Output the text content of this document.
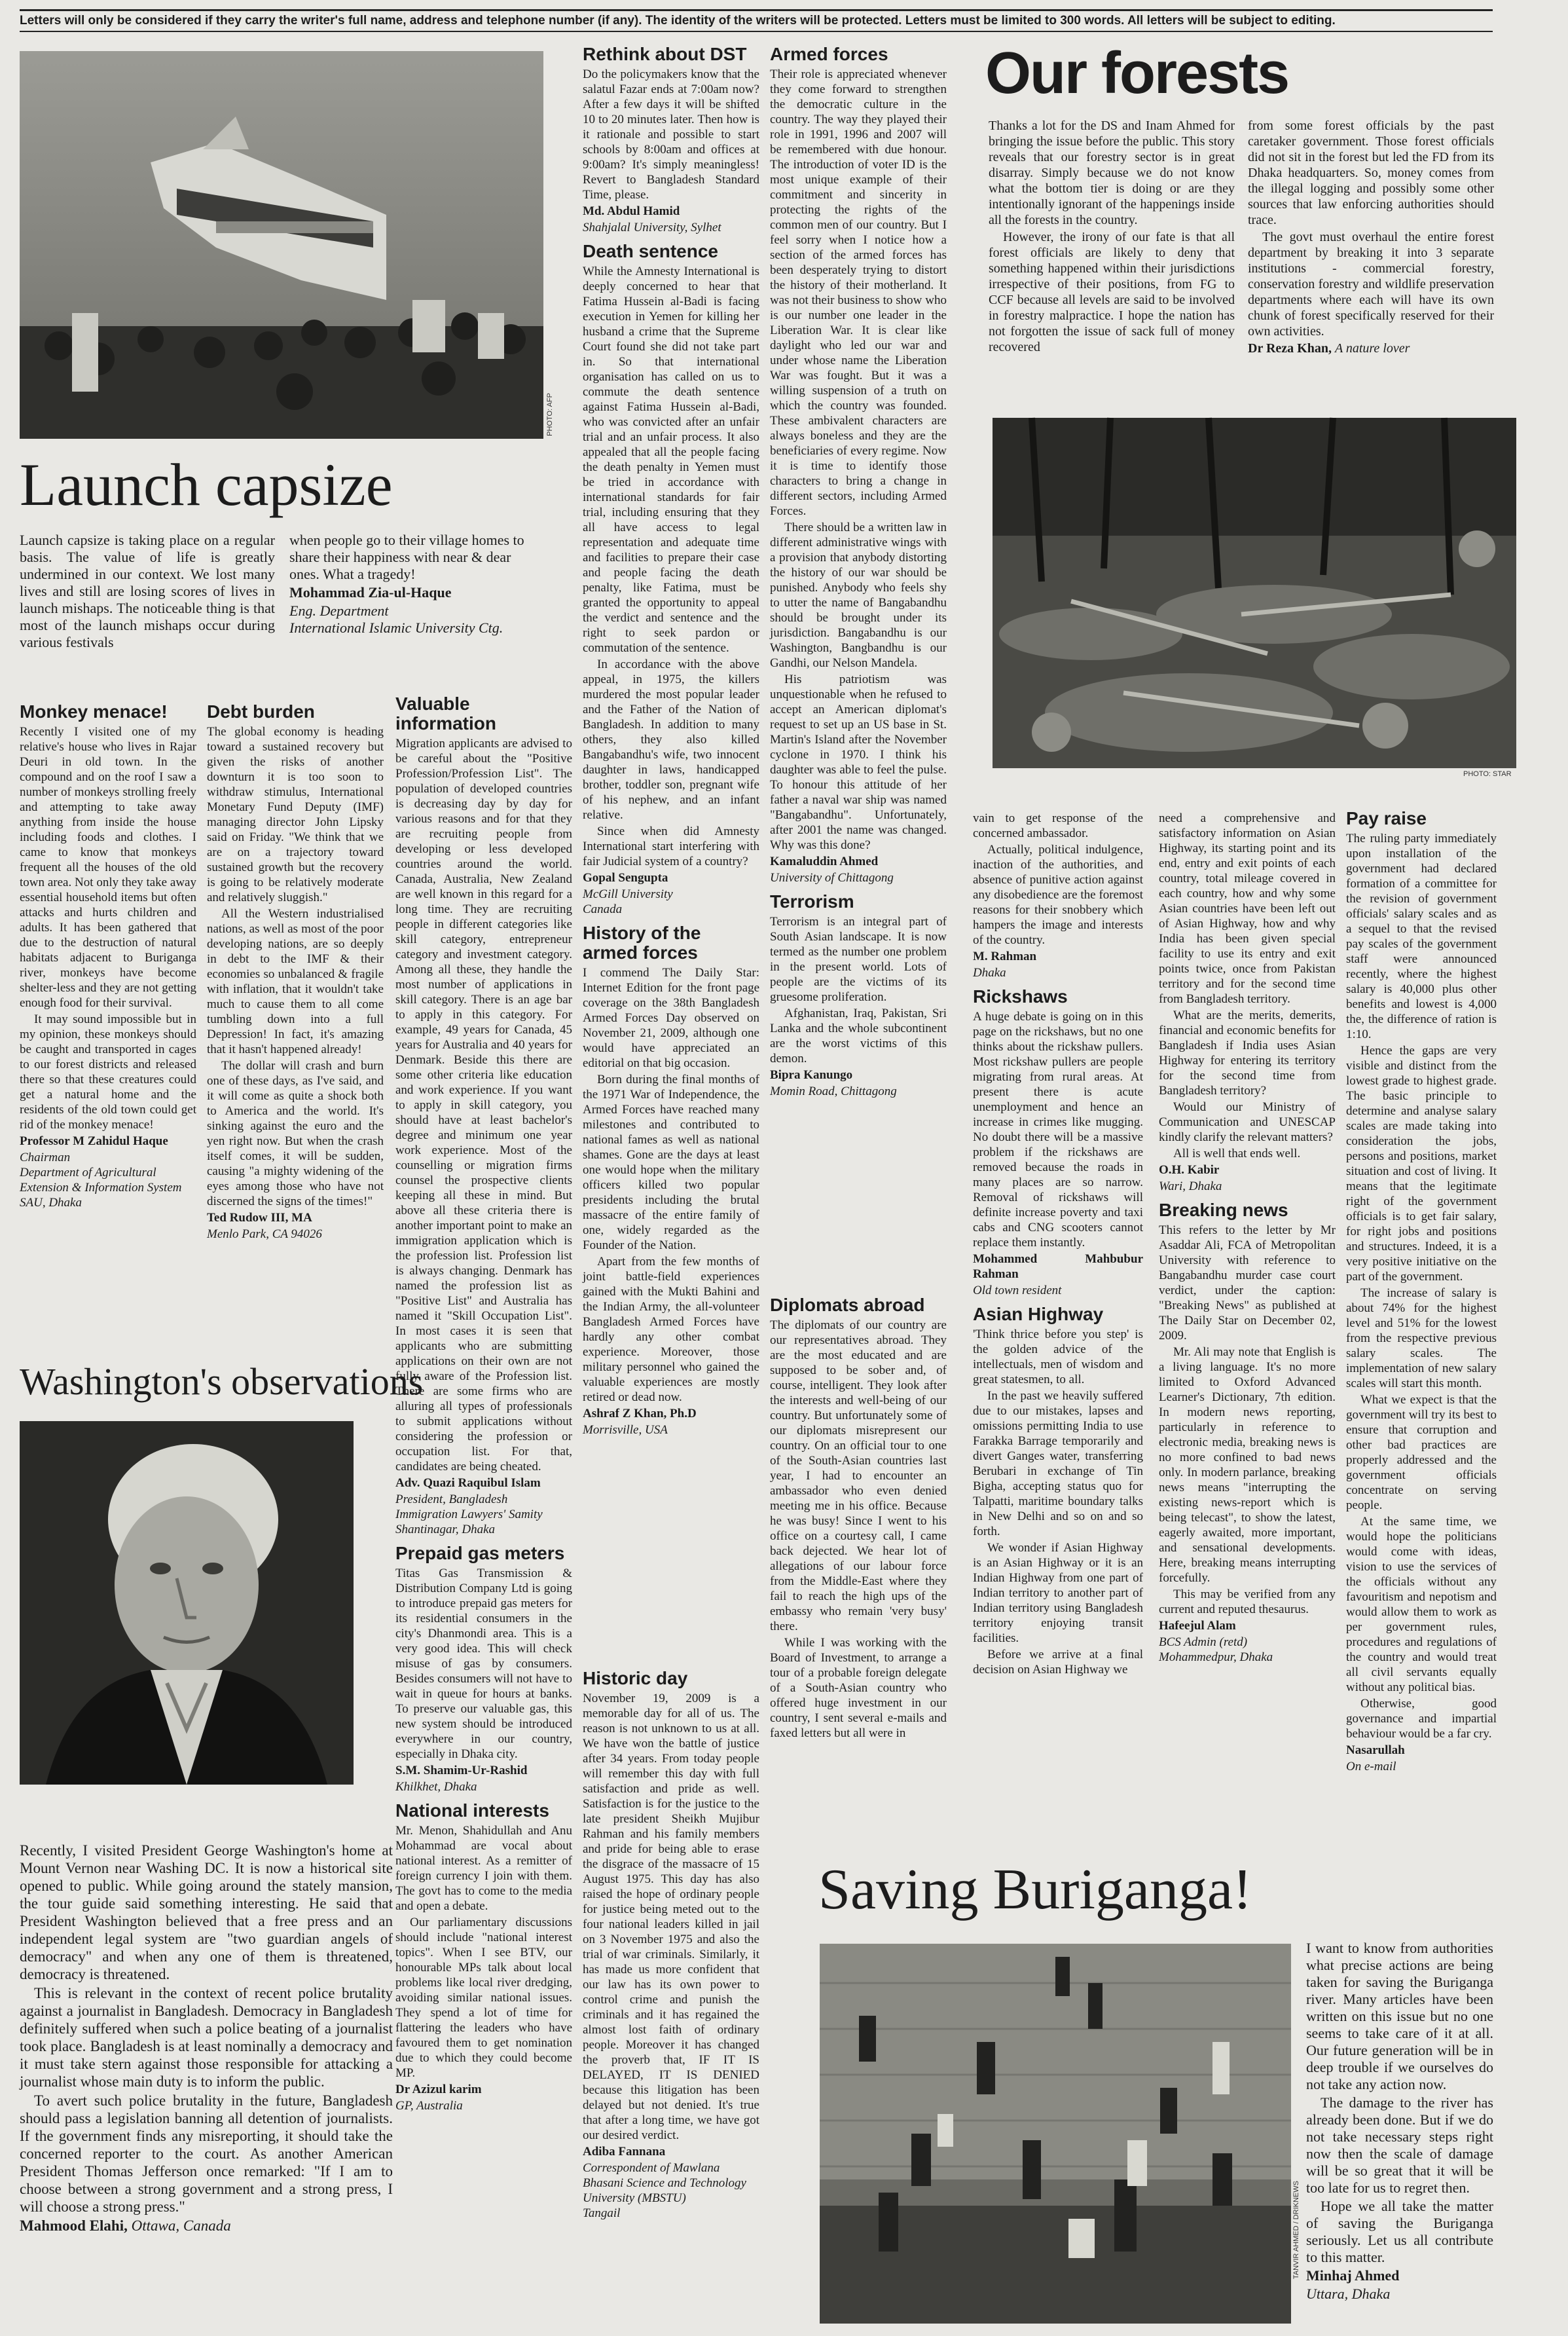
Letters will only be considered if they carry the writer's full name, address and telephone number (if any). The identity of the writers will be protected. Letters must be limited to 300 words. All letters will be subject to editing.
PHOTO: AFP
Launch capsize

Launch capsize is taking place on a regular basis. The value of life is greatly undermined in our context. We lost many lives and still are losing scores of lives in launch mishaps. The noticeable thing is that most of the launch mishaps occur during various festivals

when people go to their village homes to share their happiness with near & dear ones. What a tragedy!

Mohammad Zia-ul-Haque

Eng. Department

International Islamic University Ctg.

Monkey menace!

Recently I visited one of my relative's house who lives in Rajar Deuri in old town. In the compound and on the roof I saw a number of monkeys strolling freely and attempting to take away anything from inside the house including foods and clothes. I came to know that monkeys frequent all the houses of the old town area. Not only they take away essential household items but often attacks and hurts children and adults. It has been gathered that due to the destruction of natural habitats adjacent to Buriganga river, monkeys have become shelter-less and they are not getting enough food for their survival.

It may sound impossible but in my opinion, these monkeys should be caught and transported in cages to our forest districts and released there so that these creatures could get a natural home and the residents of the old town could get rid of the monkey menace!

Professor M Zahidul Haque

Chairman

Department of Agricultural Extension & Information System

SAU, Dhaka

Debt burden

The global economy is heading toward a sustained recovery but given the risks of another downturn it is too soon to withdraw stimulus, International Monetary Fund Deputy (IMF) managing director John Lipsky said on Friday. "We think that we are on a trajectory toward sustained growth but the recovery is going to be relatively moderate and relatively sluggish."

All the Western industrialised nations, as well as most of the poor developing nations, are so deeply in debt to the IMF & their economies so unbalanced & fragile with inflation, that it wouldn't take much to cause them to all come tumbling down into a full Depression! In fact, it's amazing that it hasn't happened already!

The dollar will crash and burn one of these days, as I've said, and it will come as quite a shock both to America and the world. It's sinking against the euro and the yen right now. But when the crash itself comes, it will be sudden, causing "a mighty widening of the eyes among those who have not discerned the signs of the times!"

Ted Rudow III, MA

Menlo Park, CA 94026

Valuable information

Migration applicants are advised to be careful about the "Positive Profession/Profession List". The population of developed countries is decreasing day by day for various reasons and for that they are recruiting people from developing or less developed countries around the world. Canada, Australia, New Zealand are well known in this regard for a long time. They are recruiting people in different categories like skill category, entrepreneur category and investment category. Among all these, they handle the most number of applications in skill category. There is an age bar to apply in this category. For example, 49 years for Canada, 45 years for Australia and 40 years for Denmark. Beside this there are some other criteria like education and work experience. If you want to apply in skill category, you should have at least bachelor's degree and minimum one year work experience. Most of the counselling or migration firms counsel the prospective clients keeping all these in mind. But above all these criteria there is another important point to make an immigration application which is the profession list. Profession list is always changing. Denmark has named the profession list as "Positive List" and Australia has named it "Skill Occupation List". In most cases it is seen that applicants who are submitting applications on their own are not fully aware of the Profession list. There are some firms who are alluring all types of professionals to submit applications without considering the profession or occupation list. For that, candidates are being cheated.

Adv. Quazi Raquibul Islam

President, Bangladesh Immigration Lawyers' Samity

Shantinagar, Dhaka

Prepaid gas meters

Titas Gas Transmission & Distribution Company Ltd is going to introduce prepaid gas meters for its residential consumers in the city's Dhanmondi area. This is a very good idea. This will check misuse of gas by consumers. Besides consumers will not have to wait in queue for hours at banks. To preserve our valuable gas, this new system should be introduced everywhere in our country, especially in Dhaka city.

S.M. Shamim-Ur-Rashid

Khilkhet, Dhaka

National interests

Mr. Menon, Shahidullah and Anu Mohammad are vocal about national interest. As a remitter of foreign currency I join with them. The govt has to come to the media and open a debate.

Our parliamentary discussions should include "national interest topics". When I see BTV, our honourable MPs talk about local problems like local river dredging, avoiding similar national issues. They spend a lot of time for flattering the leaders who have favoured them to get nomination due to which they could become MP.

Dr Azizul karim

GP, Australia

Washington's observations

Recently, I visited President George Washington's home at Mount Vernon near Washing DC. It is now a historical site opened to public. While going around the stately mansion, the tour guide said something interesting. He said that President Washington believed that a free press and an independent legal system are "two guardian angels of democracy" and when any one of them is threatened, democracy is threatened.

This is relevant in the context of recent police brutality against a journalist in Bangladesh. Democracy in Bangladesh definitely suffered when such a police beating of a journalist took place. Bangladesh is at least nominally a democracy and it must take stern against those responsible for attacking a journalist whose main duty is to inform the public.

To avert such police brutality in the future, Bangladesh should pass a legislation banning all detention of journalists. If the government finds any misreporting, it should take the concerned reporter to the court. As another American President Thomas Jefferson once remarked: "If I am to choose between a strong government and a strong press, I will choose a strong press."

Mahmood Elahi, Ottawa, Canada

Rethink about DST

Do the policymakers know that the salatul Fazar ends at 7:00am now? After a few days it will be shifted 10 to 20 minutes later. Then how is it rationale and possible to start schools by 8:00am and offices at 9:00am? It's simply meaningless! Revert to Bangladesh Standard Time, please.

Md. Abdul Hamid

Shahjalal University, Sylhet

Death sentence

While the Amnesty International is deeply concerned to hear that Fatima Hussein al-Badi is facing execution in Yemen for killing her husband a crime that the Supreme Court found she did not take part in. So that international organisation has called on us to commute the death sentence against Fatima Hussein al-Badi, who was convicted after an unfair trial and an unfair process. It also appealed that all the people facing the death penalty in Yemen must be tried in accordance with international standards for fair trial, including ensuring that they all have access to legal representation and adequate time and facilities to prepare their case and people facing the death penalty, like Fatima, must be granted the opportunity to appeal the verdict and sentence and the right to seek pardon or commutation of the sentence.

In accordance with the above appeal, in 1975, the killers murdered the most popular leader and the Father of the Nation of Bangladesh. In addition to many others, they also killed Bangabandhu's wife, two innocent daughter in laws, handicapped brother, toddler son, pregnant wife of his nephew, and an infant relative.

Since when did Amnesty International start interfering with fair Judicial system of a country?

Gopal Sengupta

McGill University

Canada

History of the armed forces

I commend The Daily Star: Internet Edition for the front page coverage on the 38th Bangladesh Armed Forces Day observed on November 21, 2009, although one would have appreciated an editorial on that big occasion.

Born during the final months of the 1971 War of Independence, the Armed Forces have reached many milestones and contributed to national fames as well as national shames. Gone are the days at least one would hope when the military officers killed two popular presidents including the brutal massacre of the entire family of one, widely regarded as the Founder of the Nation.

Apart from the few months of joint battle-field experiences gained with the Mukti Bahini and the Indian Army, the all-volunteer Bangladesh Armed Forces have hardly any other combat experience. Moreover, those military personnel who gained the valuable experiences are mostly retired or dead now.

Ashraf Z Khan, Ph.D

Morrisville, USA

Historic day

November 19, 2009 is a memorable day for all of us. The reason is not unknown to us at all. We have won the battle of justice after 34 years. From today people will remember this day with full satisfaction and pride as well. Satisfaction is for the justice to the late president Sheikh Mujibur Rahman and his family members and pride for being able to erase the disgrace of the massacre of 15 August 1975. This day has also raised the hope of ordinary people for justice being meted out to the four national leaders killed in jail on 3 November 1975 and also the trial of war criminals. Similarly, it has made us more confident that our law has its own power to control crime and punish the criminals and it has regained the almost lost faith of ordinary people. Moreover it has changed the proverb that, IF IT IS DELAYED, IT IS DENIED because this litigation has been delayed but not denied. It's true that after a long time, we have got our desired verdict.

Adiba Fannana

Correspondent of Mawlana Bhasani Science and Technology University (MBSTU)

Tangail

Armed forces

Their role is appreciated whenever they come forward to strengthen the democratic culture in the country. The way they played their role in 1991, 1996 and 2007 will be remembered with due honour. The introduction of voter ID is the most unique example of their commitment and sincerity in protecting the rights of the common men of our country. But I feel sorry when I notice how a section of the armed forces has been desperately trying to distort the history of their motherland. It was not their business to show who is our number one leader in the Liberation War. It is clear like daylight who led our war and under whose name the Liberation War was fought. But it was a willing suspension of a truth on which the country was founded. These ambivalent characters are always boneless and they are the beneficiaries of every regime. Now it is time to identify those characters to bring a change in different sectors, including Armed Forces.

There should be a written law in different administrative wings with a provision that anybody distorting the history of our war should be punished. Anybody who feels shy to utter the name of Bangabandhu should be brought under its jurisdiction. Bangabandhu is our Washington, Bangbandhu is our Gandhi, our Nelson Mandela.

His patriotism was unquestionable when he refused to accept an American diplomat's request to set up an US base in St. Martin's Island after the November cyclone in 1970. I think his daughter was able to feel the pulse. To honour this attitude of her father a naval war ship was named "Bangabandhu". Unfortunately, after 2001 the name was changed. Why was this done?

Kamaluddin Ahmed

University of Chittagong

Terrorism

Terrorism is an integral part of South Asian landscape. It is now termed as the number one problem in the present world. Lots of people are the victims of its gruesome proliferation.

Afghanistan, Iraq, Pakistan, Sri Lanka and the whole subcontinent are the worst victims of this demon.

Bipra Kanungo

Momin Road, Chittagong

Diplomats abroad

The diplomats of our country are our representatives abroad. They are the most educated and are supposed to be sober and, of course, intelligent. They look after the interests and well-being of our country. But unfortunately some of our diplomats misrepresent our country. On an official tour to one of the South-Asian countries last year, I had to encounter an ambassador who even denied meeting me in his office. Because he was busy! Since I went to his office on a courtesy call, I came back dejected. We hear lot of allegations of our labour force from the Middle-East where they fail to reach the high ups of the embassy who remain 'very busy' there.

While I was working with the Board of Investment, to arrange a tour of a probable foreign delegate of a South-Asian country who offered huge investment in our country, I sent several e-mails and faxed letters but all were in

Our forests

Thanks a lot for the DS and Inam Ahmed for bringing the issue before the public. This story reveals that our forestry sector is in great disarray. Simply because we do not know what the bottom tier is doing or are they intentionally ignorant of the happenings inside all the forests in the country.

However, the irony of our fate is that all forest officials are likely to deny that something happened within their jurisdictions irrespective of their positions, from FG to CCF because all levels are said to be involved in forestry malpractice. I hope the nation has not forgotten the issue of sack full of money recovered

from some forest officials by the past caretaker government. Those forest officials did not sit in the forest but led the FD from its Dhaka headquarters. So, money comes from the illegal logging and possibly some other sources that law enforcing authorities should trace.

The govt must overhaul the entire forest department by breaking it into 3 separate institutions - commercial forestry, conservation forestry and wildlife preservation departments where each will have its own chunk of forest specifically reserved for their own activities.

Dr Reza Khan, A nature lover

PHOTO: STAR

vain to get response of the concerned ambassador.

Actually, political indulgence, inaction of the authorities, and absence of punitive action against any disobedience are the foremost reasons for their snobbery which hampers the image and interests of the country.

M. Rahman

Dhaka

Rickshaws

A huge debate is going on in this page on the rickshaws, but no one thinks about the rickshaw pullers. Most rickshaw pullers are people migrating from rural areas. At present there is acute unemployment and hence an increase in crimes like mugging. No doubt there will be a massive problem if the rickshaws are removed because the roads in many places are so narrow. Removal of rickshaws will definite increase poverty and taxi cabs and CNG scooters cannot replace them instantly.

Mohammed Mahbubur Rahman

Old town resident

Asian Highway

'Think thrice before you step' is the golden advice of the intellectuals, men of wisdom and great statesmen, to all.

In the past we heavily suffered due to our mistakes, lapses and omissions permitting India to use Farakka Barrage temporarily and divert Ganges water, transferring Berubari in exchange of Tin Bigha, accepting status quo for Talpatti, maritime boundary talks in New Delhi and so on and so forth.

We wonder if Asian Highway is an Asian Highway or it is an Indian Highway from one part of Indian territory to another part of Indian territory using Bangladesh territory enjoying transit facilities.

Before we arrive at a final decision on Asian Highway we

need a comprehensive and satisfactory information on Asian Highway, its starting point and its end, entry and exit points of each country, total mileage covered in each country, how and why some Asian countries have been left out of Asian Highway, how and why India has been given special facility to use its entry and exit points twice, once from Pakistan territory and for the second time from Bangladesh territory.

What are the merits, demerits, financial and economic benefits for Bangladesh if India uses Asian Highway for entering its territory for the second time from Bangladesh territory?

Would our Ministry of Communication and UNESCAP kindly clarify the relevant matters?

All is well that ends well.

O.H. Kabir

Wari, Dhaka

Breaking news

This refers to the letter by Mr Asaddar Ali, FCA of Metropolitan University with reference to Bangabandhu murder case court verdict, under the caption: "Breaking News" as published at The Daily Star on December 02, 2009.

Mr. Ali may note that English is a living language. It's no more limited to Oxford Advanced Learner's Dictionary, 7th edition. In modern news reporting, particularly in reference to electronic media, breaking news is no more confined to bad news only. In modern parlance, breaking news means "interrupting the existing news-report which is being telecast", to show the latest, eagerly awaited, more important, and sensational developments. Here, breaking means interrupting forcefully.

This may be verified from any current and reputed thesaurus.

Hafeejul Alam

BCS Admin (retd)

Mohammedpur, Dhaka

Pay raise

The ruling party immediately upon installation of the government had declared formation of a committee for the revision of government officials' salary scales and as a sequel to that the revised pay scales of the government staff were announced recently, where the highest salary is 40,000 plus other benefits and lowest is 4,000 the, the difference of ration is 1:10.

Hence the gaps are very visible and distinct from the lowest grade to highest grade. The basic principle to determine and analyse salary scales are made taking into consideration the jobs, persons and positions, market situation and cost of living. It means that the legitimate right of the government officials is to get fair salary, for right jobs and positions and structures. Indeed, it is a very positive initiative on the part of the government.

The increase of salary is about 74% for the highest level and 51% for the lowest from the respective previous salary scales. The implementation of new salary scales will start this month.

What we expect is that the government will try its best to ensure that corruption and other bad practices are properly addressed and the government officials concentrate on serving people.

At the same time, we would hope the politicians would come with ideas, vision to use the services of the officials without any favouritism and nepotism and would allow them to work as per government rules, procedures and regulations of the country and would treat all civil servants equally without any political bias.

Otherwise, good governance and impartial behaviour would be a far cry.

Nasarullah

On e-mail

Saving Buriganga!
TANVIR AHMED / DRIKNEWS

I want to know from authorities what precise actions are being taken for saving the Buriganga river. Many articles have been written on this issue but no one seems to take care of it at all. Our future generation will be in deep trouble if we ourselves do not take any action now.

The damage to the river has already been done. But if we do not take necessary steps right now then the scale of damage will be so great that it will be too late for us to regret then.

Hope we all take the matter of saving the Buriganga seriously. Let us all contribute to this matter.

Minhaj Ahmed

Uttara, Dhaka
